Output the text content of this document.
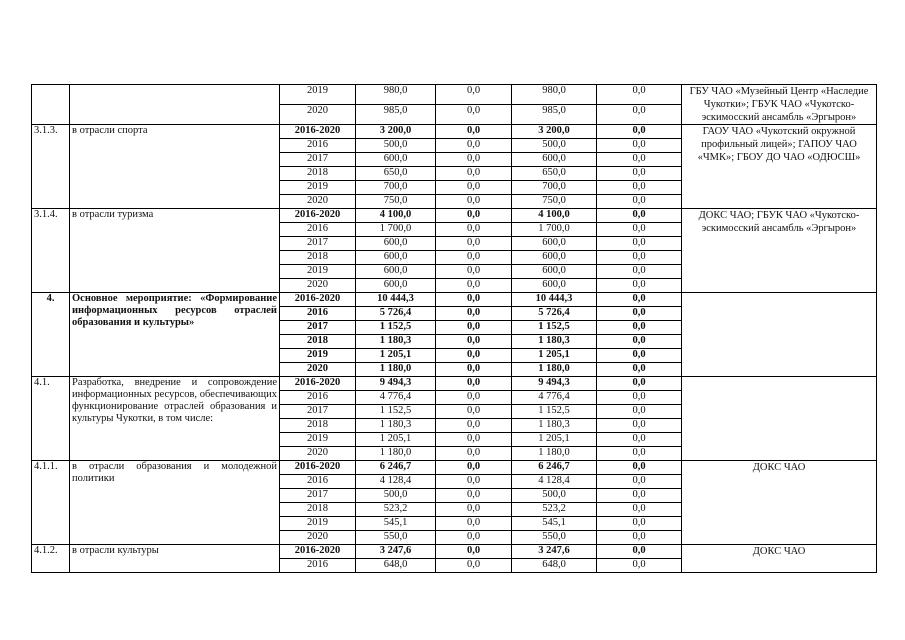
		2019	980,0	0,0	980,0	0,0	ГБУ ЧАО «Музейный Центр «Наследие Чукотки»; ГБУК ЧАО «Чукотско-эскимосский ансамбль «Эргырон»
		2020	985,0	0,0	985,0	0,0	
3.1.3.	в отрасли спорта	2016-2020	3 200,0	0,0	3 200,0	0,0	ГАОУ ЧАО «Чукотский окружной профильный лицей»; ГАПОУ ЧАО «ЧМК»; ГБОУ ДО ЧАО «ОДЮСШ»
		2016	500,0	0,0	500,0	0,0	
		2017	600,0	0,0	600,0	0,0	
		2018	650,0	0,0	650,0	0,0	
		2019	700,0	0,0	700,0	0,0	
		2020	750,0	0,0	750,0	0,0	
3.1.4.	в отрасли туризма	2016-2020	4 100,0	0,0	4 100,0	0,0	ДОКС ЧАО; ГБУК ЧАО «Чукотско-эскимосский ансамбль «Эргырон»
		2016	1 700,0	0,0	1 700,0	0,0	
		2017	600,0	0,0	600,0	0,0	
		2018	600,0	0,0	600,0	0,0	
		2019	600,0	0,0	600,0	0,0	
		2020	600,0	0,0	600,0	0,0	
4.	Основное мероприятие: «Формирование информационных ресурсов отраслей образования и культуры»	2016-2020	10 444,3	0,0	10 444,3	0,0	
		2016	5 726,4	0,0	5 726,4	0,0	
		2017	1 152,5	0,0	1 152,5	0,0	
		2018	1 180,3	0,0	1 180,3	0,0	
		2019	1 205,1	0,0	1 205,1	0,0	
		2020	1 180,0	0,0	1 180,0	0,0	
4.1.	Разработка, внедрение и сопровождение информационных ресурсов, обеспечивающих функционирование отраслей образования и культуры Чукотки, в том числе:	2016-2020	9 494,3	0,0	9 494,3	0,0	
		2016	4 776,4	0,0	4 776,4	0,0	
		2017	1 152,5	0,0	1 152,5	0,0	
		2018	1 180,3	0,0	1 180,3	0,0	
		2019	1 205,1	0,0	1 205,1	0,0	
		2020	1 180,0	0,0	1 180,0	0,0	
4.1.1.	в отрасли образования и молодежной политики	2016-2020	6 246,7	0,0	6 246,7	0,0	ДОКС ЧАО
		2016	4 128,4	0,0	4 128,4	0,0	
		2017	500,0	0,0	500,0	0,0	
		2018	523,2	0,0	523,2	0,0	
		2019	545,1	0,0	545,1	0,0	
		2020	550,0	0,0	550,0	0,0	
4.1.2.	в отрасли культуры	2016-2020	3 247,6	0,0	3 247,6	0,0	ДОКС ЧАО
		2016	648,0	0,0	648,0	0,0	
